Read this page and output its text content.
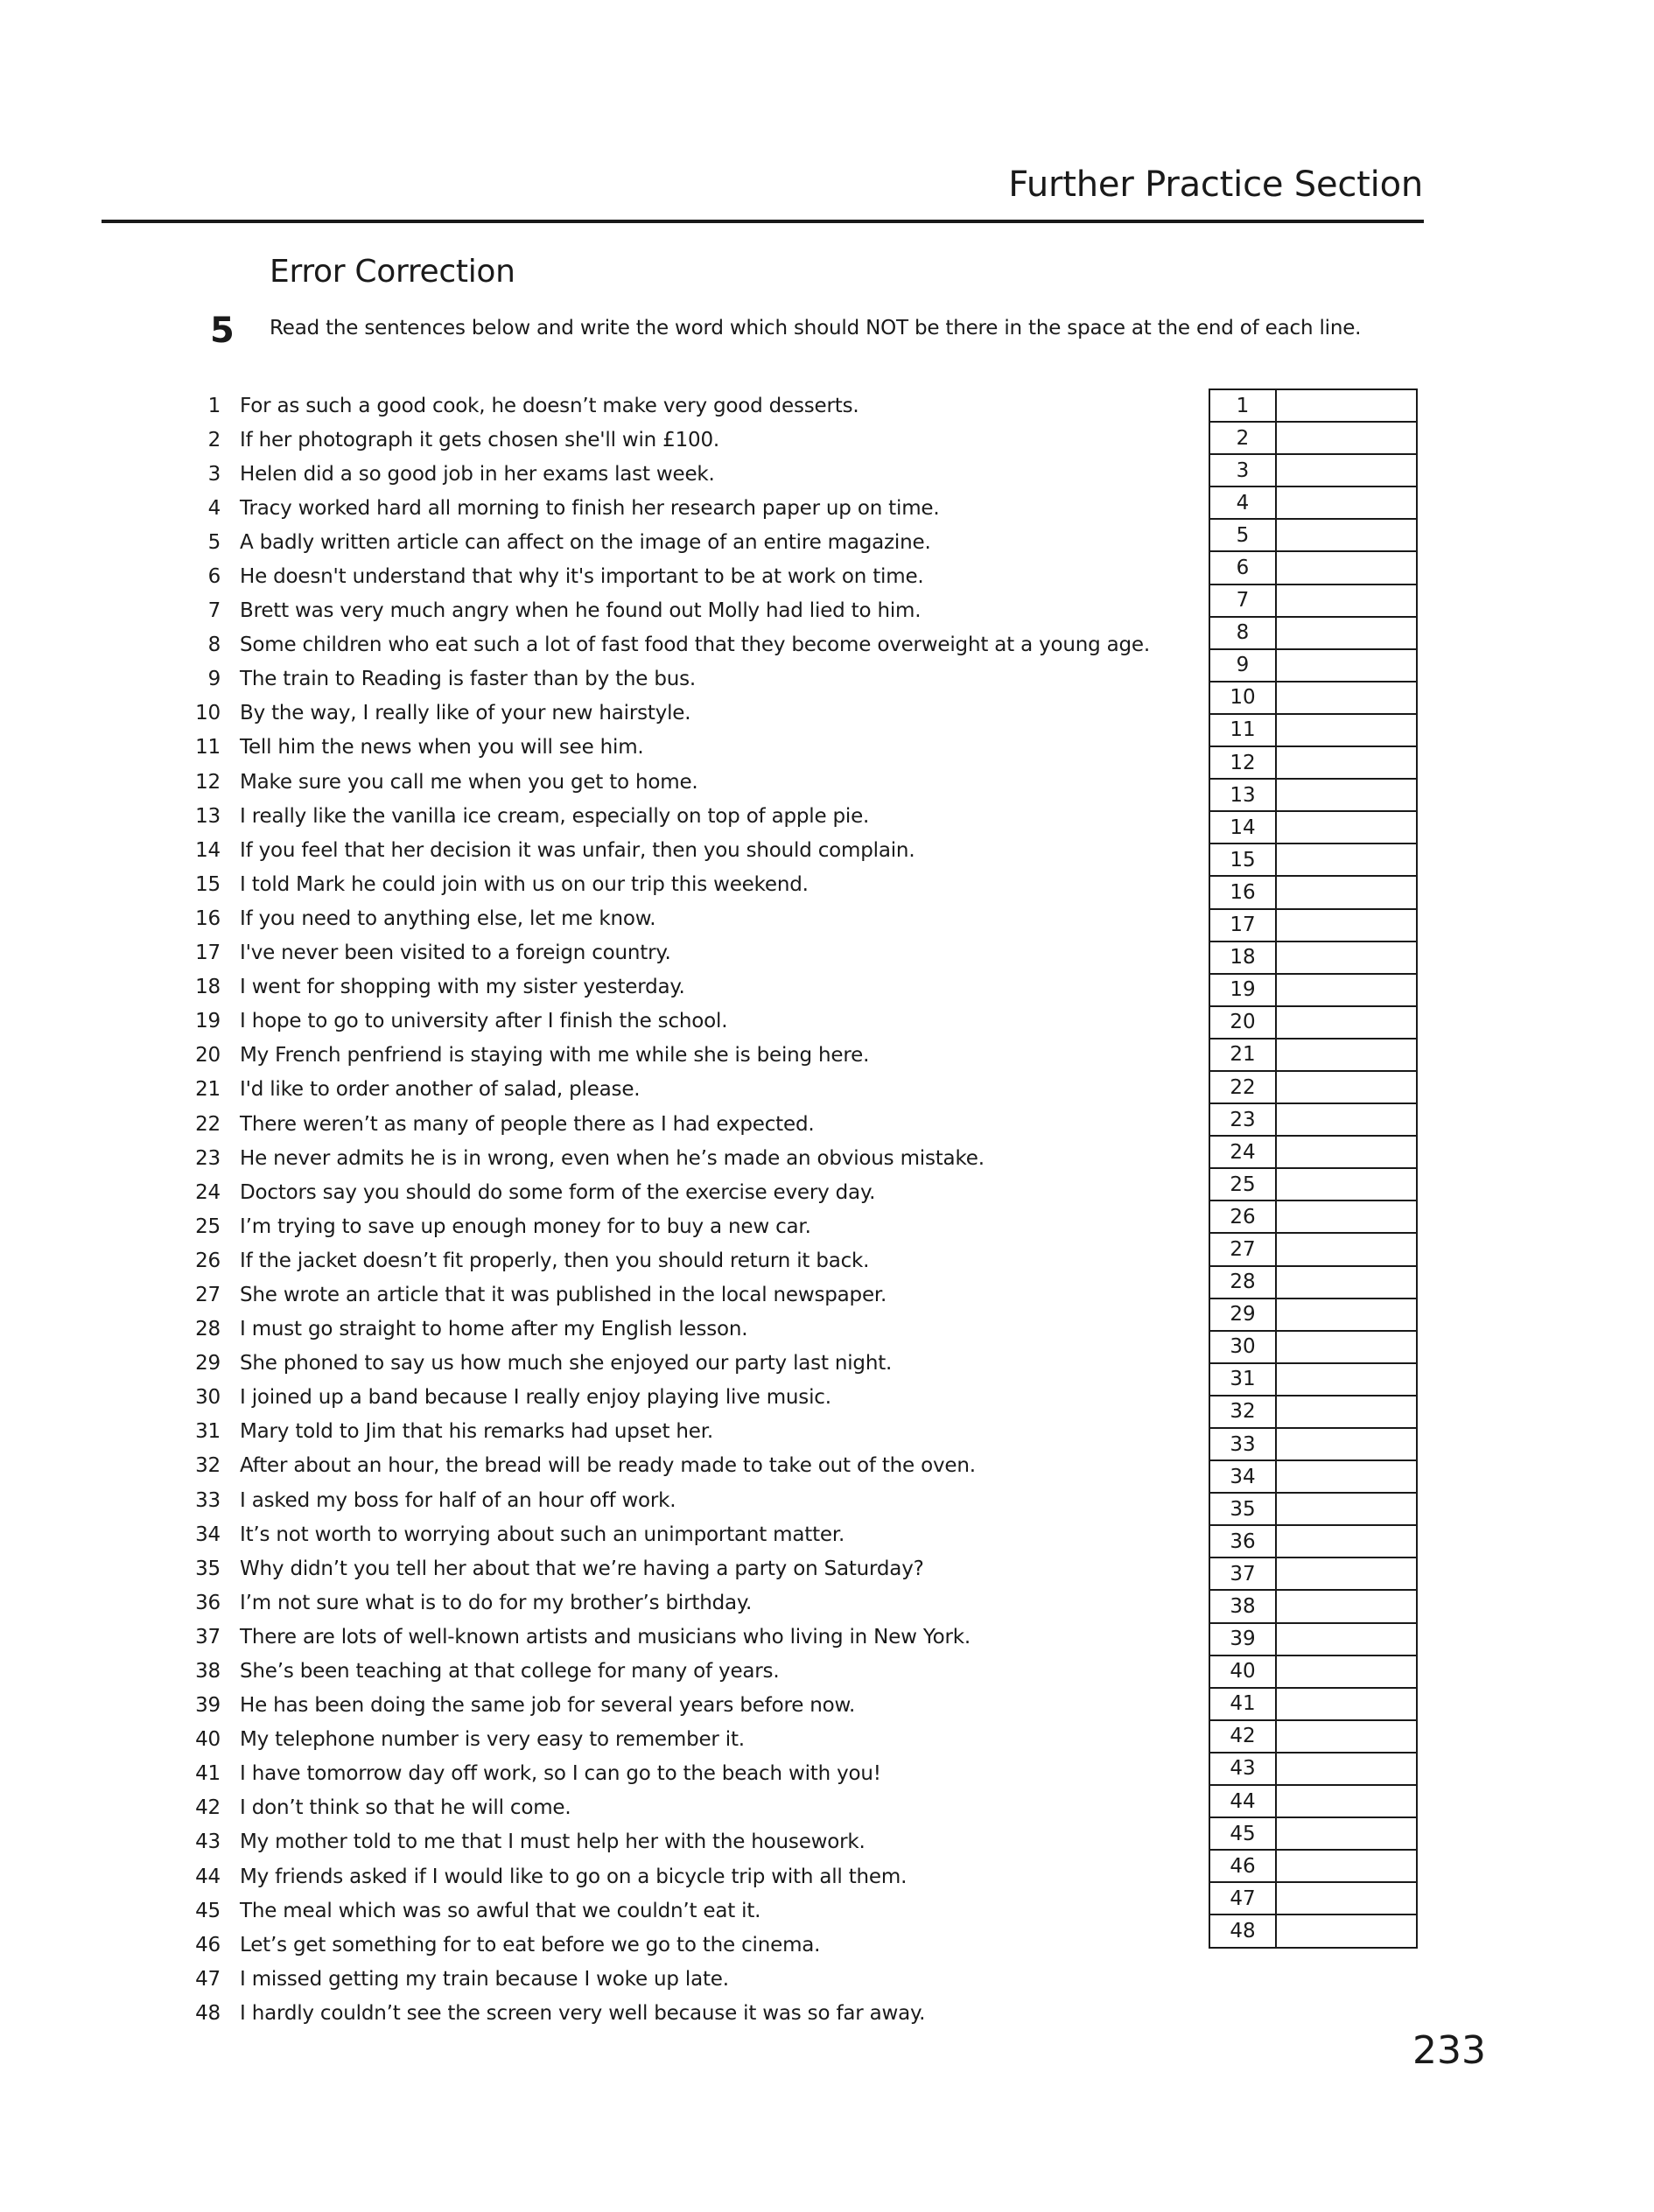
Further Practice Section
Error Correction
5 Read the sentences below and write the word which should NOT be there in the space at the end of each line.
1 For as such a good cook, he doesn’t make very good desserts.
2 If her photograph it gets chosen she'll win £100.
3 Helen did a so good job in her exams last week.
4 Tracy worked hard all morning to finish her research paper up on time.
5 A badly written article can affect on the image of an entire magazine.
6 He doesn't understand that why it's important to be at work on time.
7 Brett was very much angry when he found out Molly had lied to him.
8 Some children who eat such a lot of fast food that they become overweight at a young age.
9 The train to Reading is faster than by the bus.
10 By the way, I really like of your new hairstyle.
11 Tell him the news when you will see him.
12 Make sure you call me when you get to home.
13 I really like the vanilla ice cream, especially on top of apple pie.
14 If you feel that her decision it was unfair, then you should complain.
15 I told Mark he could join with us on our trip this weekend.
16 If you need to anything else, let me know.
17 I've never been visited to a foreign country.
18 I went for shopping with my sister yesterday.
19 I hope to go to university after I finish the school.
20 My French penfriend is staying with me while she is being here.
21 I'd like to order another of salad, please.
22 There weren’t as many of people there as I had expected.
23 He never admits he is in wrong, even when he’s made an obvious mistake.
24 Doctors say you should do some form of the exercise every day.
25 I’m trying to save up enough money for to buy a new car.
26 If the jacket doesn’t fit properly, then you should return it back.
27 She wrote an article that it was published in the local newspaper.
28 I must go straight to home after my English lesson.
29 She phoned to say us how much she enjoyed our party last night.
30 I joined up a band because I really enjoy playing live music.
31 Mary told to Jim that his remarks had upset her.
32 After about an hour, the bread will be ready made to take out of the oven.
33 I asked my boss for half of an hour off work.
34 It’s not worth to worrying about such an unimportant matter.
35 Why didn’t you tell her about that we’re having a party on Saturday?
36 I’m not sure what is to do for my brother’s birthday.
37 There are lots of well-known artists and musicians who living in New York.
38 She’s been teaching at that college for many of years.
39 He has been doing the same job for several years before now.
40 My telephone number is very easy to remember it.
41 I have tomorrow day off work, so I can go to the beach with you!
42 I don’t think so that he will come.
43 My mother told to me that I must help her with the housework.
44 My friends asked if I would like to go on a bicycle trip with all them.
45 The meal which was so awful that we couldn’t eat it.
46 Let’s get something for to eat before we go to the cinema.
47 I missed getting my train because I woke up late.
48 I hardly couldn’t see the screen very well because it was so far away.
1	
2	
3	
4	
5	
6	
7	
8	
9	
10	
11	
12	
13	
14	
15	
16	
17	
18	
19	
20	
21	
22	
23	
24	
25	
26	
27	
28	
29	
30	
31	
32	
33	
34	
35	
36	
37	
38	
39	
40	
41	
42	
43	
44	
45	
46	
47	
48	
233
